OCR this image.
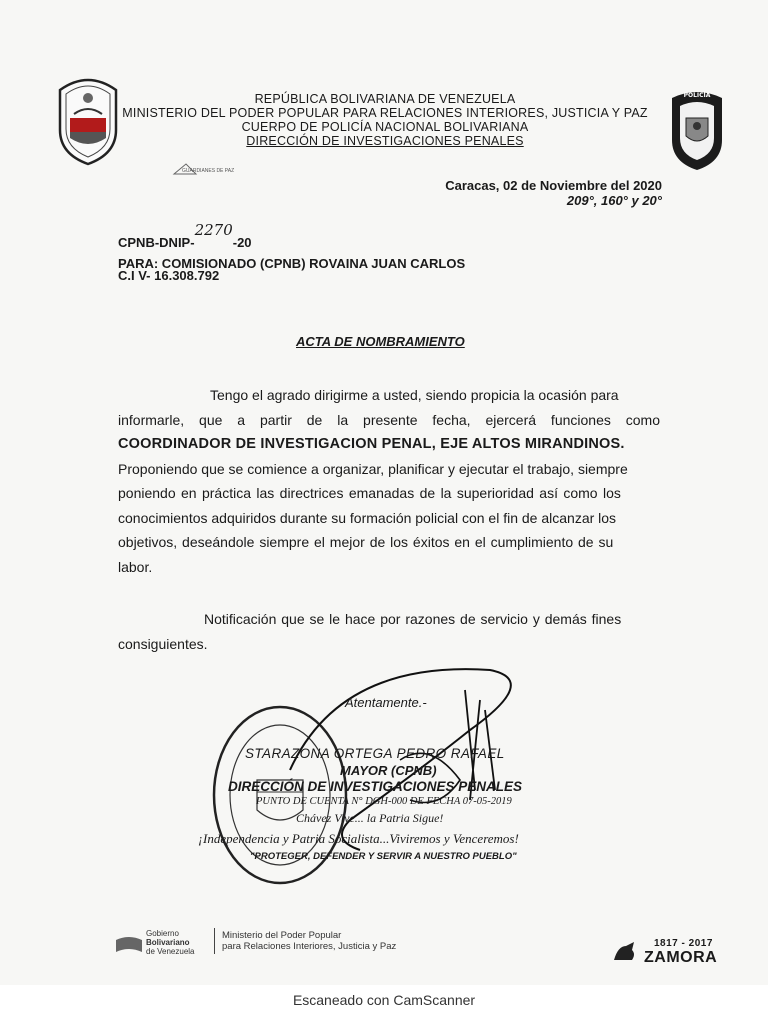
POLICÍA
REPÚBLICA BOLIVARIANA DE VENEZUELA
MINISTERIO DEL PODER POPULAR PARA RELACIONES INTERIORES, JUSTICIA Y PAZ
CUERPO DE POLICÍA NACIONAL BOLIVARIANA
DIRECCIÓN DE INVESTIGACIONES PENALES
GUARDIANES DE PAZ
Caracas, 02 de Noviembre del 2020
209°, 160° y 20°
CPNB-DNIP-2270-20
PARA: COMISIONADO (CPNB) ROVAINA JUAN CARLOS
C.I V- 16.308.792
ACTA DE NOMBRAMIENTO
Tengo el agrado dirigirme a usted, siendo propicia la ocasión para
informarle, que a partir de la presente fecha, ejercerá funciones como
COORDINADOR DE INVESTIGACION PENAL, EJE ALTOS MIRANDINOS.
Proponiendo que se comience a organizar, planificar y ejecutar el trabajo, siempre
poniendo en práctica las directrices emanadas de la superioridad así como los
conocimientos adquiridos durante su formación policial con el fin de alcanzar los
objetivos, deseándole siempre el mejor de los éxitos en el cumplimiento de su
labor.
Notificación que se le hace por razones de servicio y demás fines
consiguientes.
Atentamente.-
STARAZONA ORTEGA PEDRO RAFAEL
MAYOR (CPNB)
DIRECCIÓN DE INVESTIGACIONES PENALES
PUNTO DE CUENTA N° DGH-000 DE FECHA 07-05-2019
Chávez Vive... la Patria Sigue!
¡Independencia y Patria Socialista...Viviremos y Venceremos!
"PROTEGER, DEFENDER Y SERVIR A NUESTRO PUEBLO"
Gobierno
Bolivariano
de Venezuela
Ministerio del Poder Popular
para Relaciones Interiores, Justicia y Paz	1817 - 2017
ZAMORA
Escaneado con CamScanner
